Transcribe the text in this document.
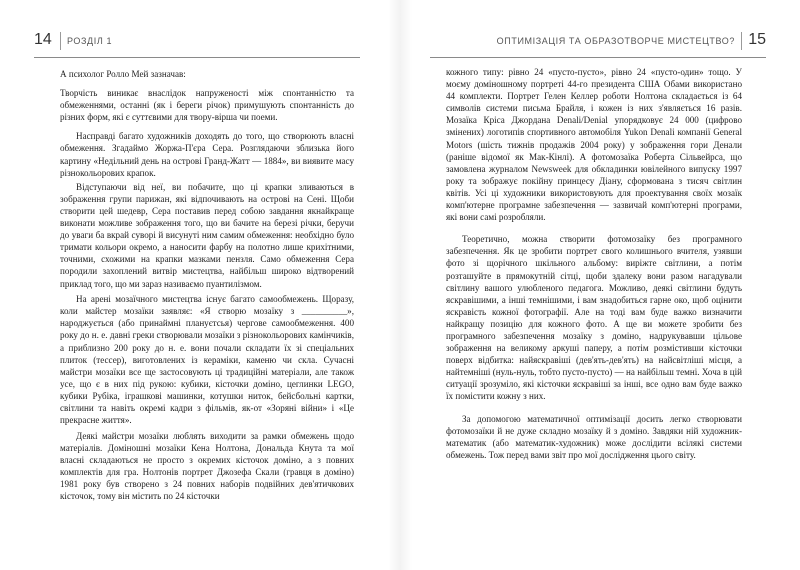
14 РОЗДІЛ 1

А психолог Ролло Мей зазначав:

Творчість виникає внаслідок напруженості між спонтанністю та обмеженнями, останні (як і береги річок) примушують спонтанність до різних форм, які є суттєвими для твору-вірша чи поеми.

Насправді багато художників доходять до того, що створюють власні обмеження. Згадаймо Жоржа-П'єра Сера. Розглядаючи зблизька його картину «Недільний день на острові Гранд-Жатт — 1884», ви виявите масу різнокольорових крапок.

Відступаючи від неї, ви побачите, що ці крапки зливаються в зображення групи парижан, які відпочивають на острові на Сені. Щоби створити цей шедевр, Сера поставив перед собою завдання якнайкраще виконати можливе зображення того, що ви бачите на березі річки, беручи до уваги ба вкрай суворі й висунуті ним самим обмеження: необхідно було тримати кольори окремо, а наносити фарбу на полотно лише крихітними, точними, схожими на крапки мазками пензля. Само обмеження Сера породили захоплений витвір мистецтва, найбільш широко відтворений приклад того, що ми зараз називаємо пуантилізмом.

На арені мозаїчного мистецтва існує багато самообмежень. Щоразу, коли майстер мозаїки заявляє: «Я створю мозаїку з __________», народжується (або принаймні плануєтсья) чергове самообмеження. 400 року до н. е. давні греки створювали мозаїки з різнокольорових камінчиків, а приблизно 200 року до н. е. вони почали складати їх зі спеціальних плиток (тессер), виготовлених із кераміки, каменю чи скла. Сучасні майстри мозаїки все ще застосовують ці традиційні матеріали, але також усе, що є в них під рукою: кубики, кісточки доміно, цеглинки LEGO, кубики Рубіка, іграшкові машинки, котушки ниток, бейсбольні картки, світлини та навіть окремі кадри з фільмів, як-от «Зоряні війни» і «Це прекрасне життя».

Деякі майстри мозаїки люблять виходити за рамки обмежень щодо матеріалів. Доміношні мозаїки Кена Нолтона, Дональда Кнута та мої власні складаються не просто з окремих кісточок доміно, а з повних комплектів для гра. Нолтонів портрет Джозефа Скали (гравця в доміно) 1981 року був створено з 24 повних наборів подвійних дев'ятичкових кісточок, тому він містить по 24 кісточки

ОПТИМІЗАЦІЯ ТА ОБРАЗОТВОРЧЕ МИСТЕЦТВО? 15

кожного типу: рівно 24 «пусто-пусто», рівно 24 «пусто-один» тощо. У моєму доміношному портреті 44-го президента США Обами використано 44 комплекти. Портрет Гелен Келлер роботи Нолтона складається із 64 символів системи письма Брайля, і кожен із них з'являється 16 разів. Мозаїка Кріса Джордана Denali/Denial упорядковує 24 000 (цифрово змінених) логотипів спортивного автомобіля Yukon Denali компанії General Motors (шість тижнів продажів 2004 року) у зображення гори Денали (раніше відомої як Мак-Кінлі). А фотомозаїка Роберта Сільвейрса, що замовлена журналом Newsweek для обкладинки ювілейного випуску 1997 року та зображує покійну принцесу Діану, сформована з тисяч світлин квітів. Усі ці художники використовують для проектування своїх мозаїк комп'ютерне програмне забезпечення — зазвичай комп'ютерні програми, які вони самі розробляли.

Теоретично, можна створити фотомозаїку без програмного забезпечення. Як це зробити портрет свого колишнього вчителя, узявши фото зі щорічного шкільного альбому: виріжте світлини, а потім розташуйте в прямокутній сітці, щоби здалеку вони разом нагадували світлину вашого улюбленого педагога. Можливо, деякі світлини будуть яскравішими, а інші темнішими, і вам знадобиться гарне око, щоб оцінити яскравість кожної фотографії. Але на тоді вам буде важко визначити найкращу позицію для кожного фото. А ще ви можете зробити без програмного забезпечення мозаїку з доміно, надрукувавши цільове зображення на великому аркуші паперу, а потім розмістивши кісточки поверх відбитка: найяскравіші (дев'ять-дев'ять) на найсвітліші місця, а найтемніші (нуль-нуль, тобто пусто-пусто) — на найбільш темні. Хоча в цій ситуації зрозуміло, які кісточки яскравіші за інші, все одно вам буде важко їх помістити кожну з них.

За допомогою математичної оптимізації досить легко створювати фотомозаїки й не дуже складно мозаїку й з доміно. Завдяки ній художник-математик (або математик-художник) може дослідити всілякі системи обмежень. Тож перед вами звіт про мої дослідження цього світу.
